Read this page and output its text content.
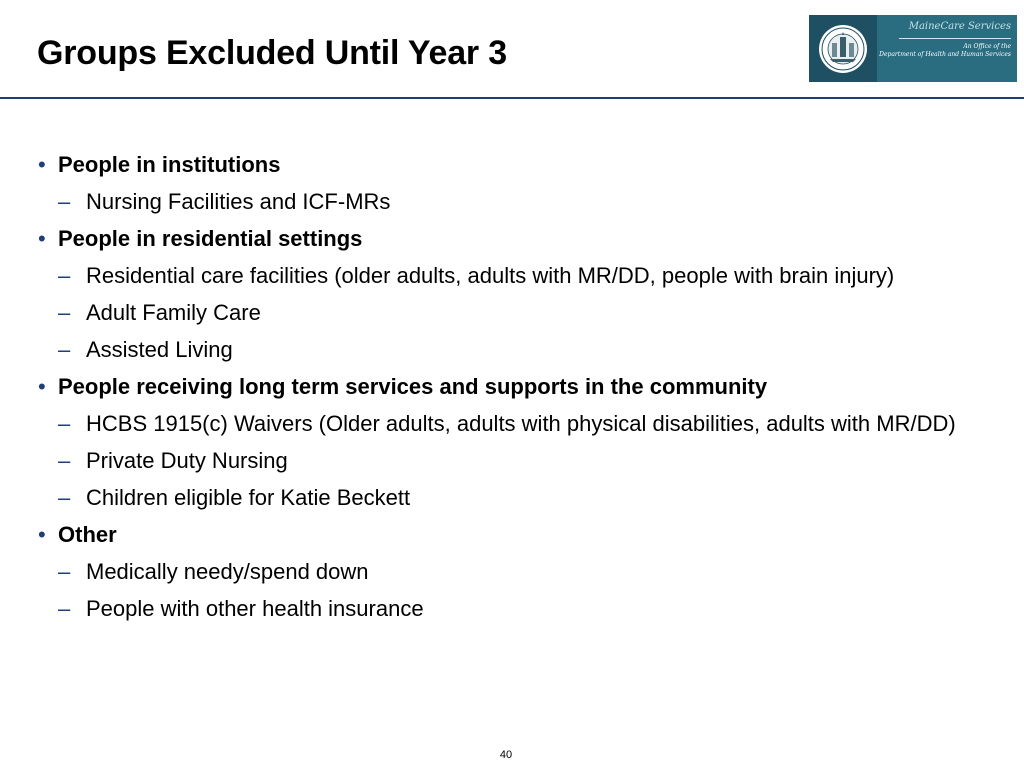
Groups Excluded Until Year 3
MaineCare Services
An Office of the
Department of Health and Human Services
• People in institutions
– Nursing Facilities and ICF-MRs
• People in residential settings
– Residential care facilities (older adults, adults with MR/DD, people with brain injury)
– Adult Family Care
– Assisted Living
• People receiving long term services and supports in the community
– HCBS 1915(c) Waivers (Older adults, adults with physical disabilities, adults with MR/DD)
– Private Duty Nursing
– Children eligible for Katie Beckett
• Other
– Medically needy/spend down
– People with other health insurance
40
